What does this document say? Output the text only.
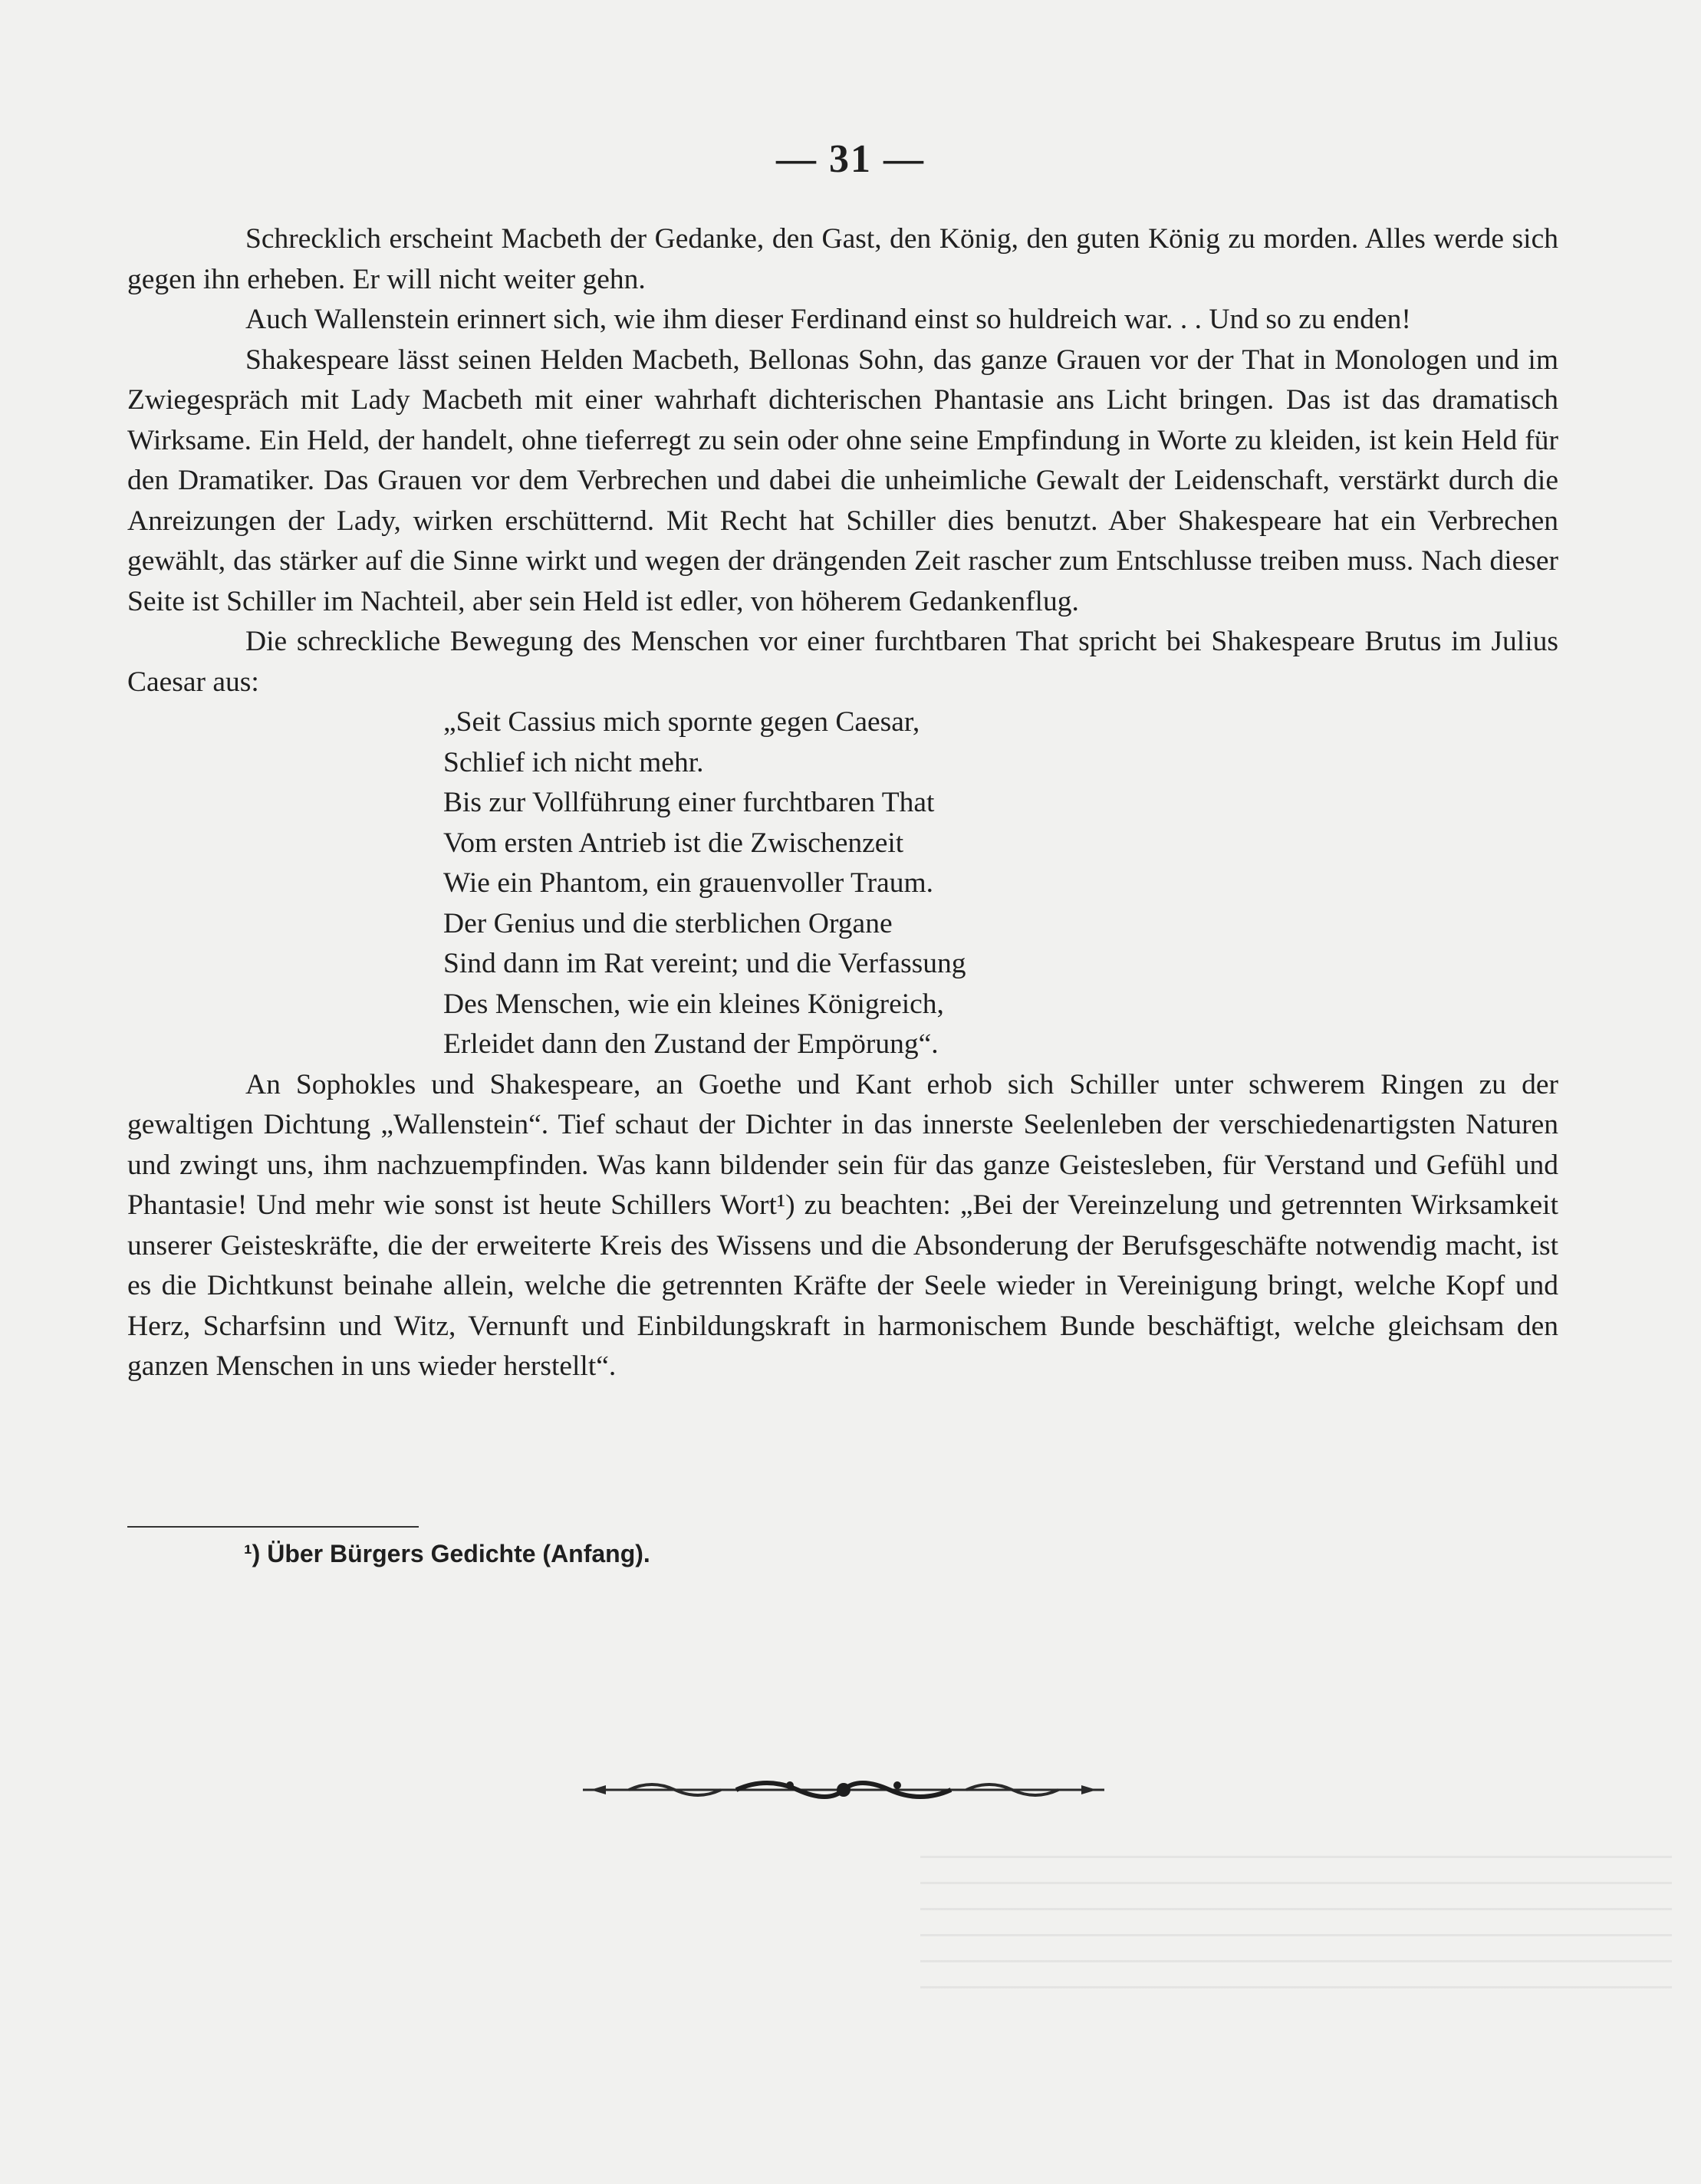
— 31 —

Schrecklich erscheint Macbeth der Gedanke, den Gast, den König, den guten König zu morden. Alles werde sich gegen ihn erheben. Er will nicht weiter gehn.

Auch Wallenstein erinnert sich, wie ihm dieser Ferdinand einst so huldreich war. . . Und so zu enden!

Shakespeare lässt seinen Helden Macbeth, Bellonas Sohn, das ganze Grauen vor der That in Monologen und im Zwiegespräch mit Lady Macbeth mit einer wahrhaft dichterischen Phantasie ans Licht bringen. Das ist das dramatisch Wirksame. Ein Held, der handelt, ohne tieferregt zu sein oder ohne seine Empfindung in Worte zu kleiden, ist kein Held für den Dramatiker. Das Grauen vor dem Verbrechen und dabei die unheimliche Gewalt der Leidenschaft, verstärkt durch die Anreizungen der Lady, wirken erschütternd. Mit Recht hat Schiller dies benutzt. Aber Shakespeare hat ein Verbrechen gewählt, das stärker auf die Sinne wirkt und wegen der drängenden Zeit rascher zum Entschlusse treiben muss. Nach dieser Seite ist Schiller im Nachteil, aber sein Held ist edler, von höherem Gedankenflug.

Die schreckliche Bewegung des Menschen vor einer furchtbaren That spricht bei Shakespeare Brutus im Julius Caesar aus:

„Seit Cassius mich spornte gegen Caesar,
Schlief ich nicht mehr.
Bis zur Vollführung einer furchtbaren That
Vom ersten Antrieb ist die Zwischenzeit
Wie ein Phantom, ein grauenvoller Traum.
Der Genius und die sterblichen Organe
Sind dann im Rat vereint; und die Verfassung
Des Menschen, wie ein kleines Königreich,
Erleidet dann den Zustand der Empörung“.

An Sophokles und Shakespeare, an Goethe und Kant erhob sich Schiller unter schwerem Ringen zu der gewaltigen Dichtung „Wallenstein“. Tief schaut der Dichter in das innerste Seelenleben der verschiedenartigsten Naturen und zwingt uns, ihm nachzuempfinden. Was kann bildender sein für das ganze Geistesleben, für Verstand und Gefühl und Phantasie! Und mehr wie sonst ist heute Schillers Wort¹) zu beachten: „Bei der Vereinzelung und getrennten Wirksamkeit unserer Geisteskräfte, die der erweiterte Kreis des Wissens und die Absonderung der Berufsgeschäfte notwendig macht, ist es die Dichtkunst beinahe allein, welche die getrennten Kräfte der Seele wieder in Vereinigung bringt, welche Kopf und Herz, Scharfsinn und Witz, Vernunft und Einbildungskraft in harmonischem Bunde beschäftigt, welche gleichsam den ganzen Menschen in uns wieder herstellt“.

¹) Über Bürgers Gedichte (Anfang).
